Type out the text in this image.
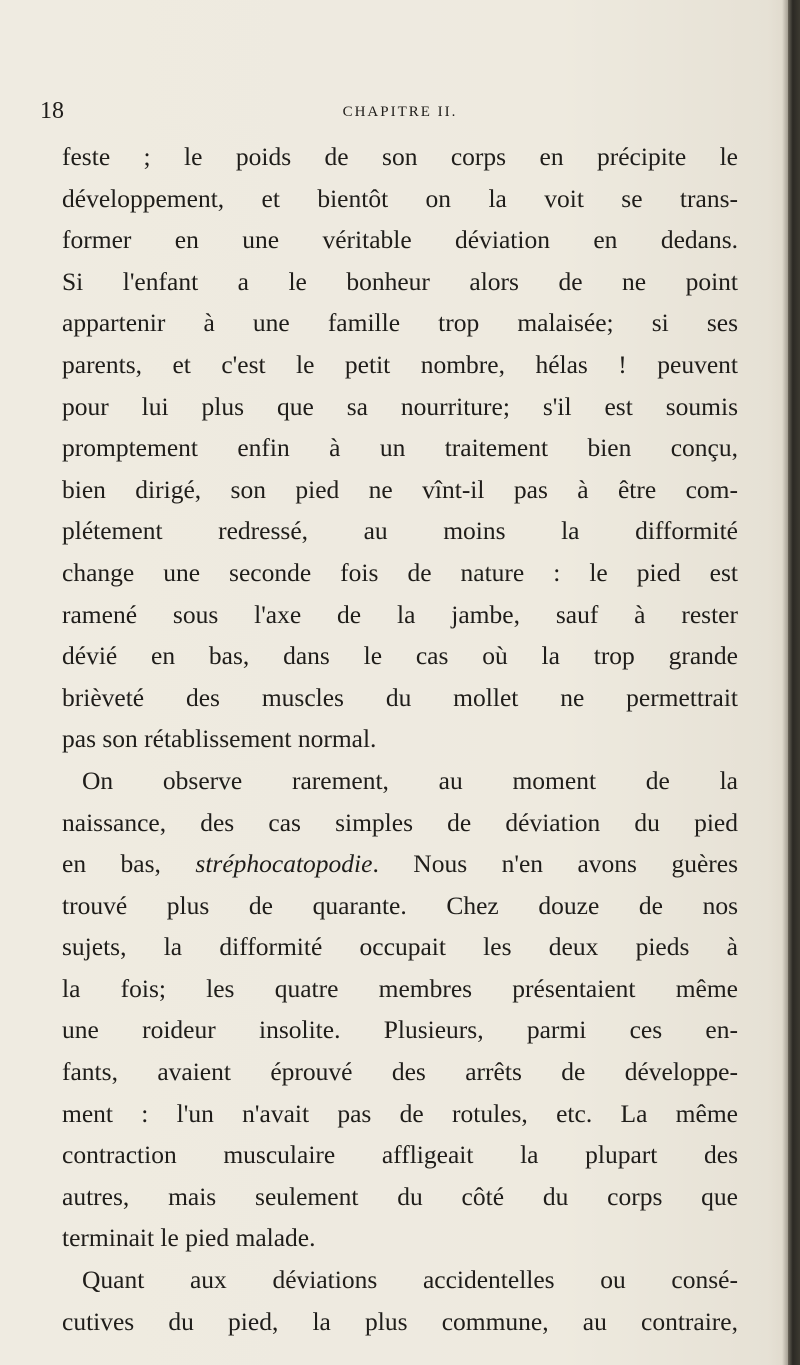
18	CHAPITRE II.
feste ; le poids de son corps en précipite le
développement, et bientôt on la voit se trans-
former en une véritable déviation en dedans.
Si l'enfant a le bonheur alors de ne point
appartenir à une famille trop malaisée; si ses
parents, et c'est le petit nombre, hélas ! peuvent
pour lui plus que sa nourriture; s'il est soumis
promptement enfin à un traitement bien conçu,
bien dirigé, son pied ne vînt-il pas à être com-
plétement redressé, au moins la difformité
change une seconde fois de nature : le pied est
ramené sous l'axe de la jambe, sauf à rester
dévié en bas, dans le cas où la trop grande
brièveté des muscles du mollet ne permettrait
pas son rétablissement normal.
On observe rarement, au moment de la
naissance, des cas simples de déviation du pied
en bas, stréphocatopodie. Nous n'en avons guères
trouvé plus de quarante. Chez douze de nos
sujets, la difformité occupait les deux pieds à
la fois; les quatre membres présentaient même
une roideur insolite. Plusieurs, parmi ces en-
fants, avaient éprouvé des arrêts de développe-
ment : l'un n'avait pas de rotules, etc. La même
contraction musculaire affligeait la plupart des
autres, mais seulement du côté du corps que
terminait le pied malade.
Quant aux déviations accidentelles ou consé-
cutives du pied, la plus commune, au contraire,
